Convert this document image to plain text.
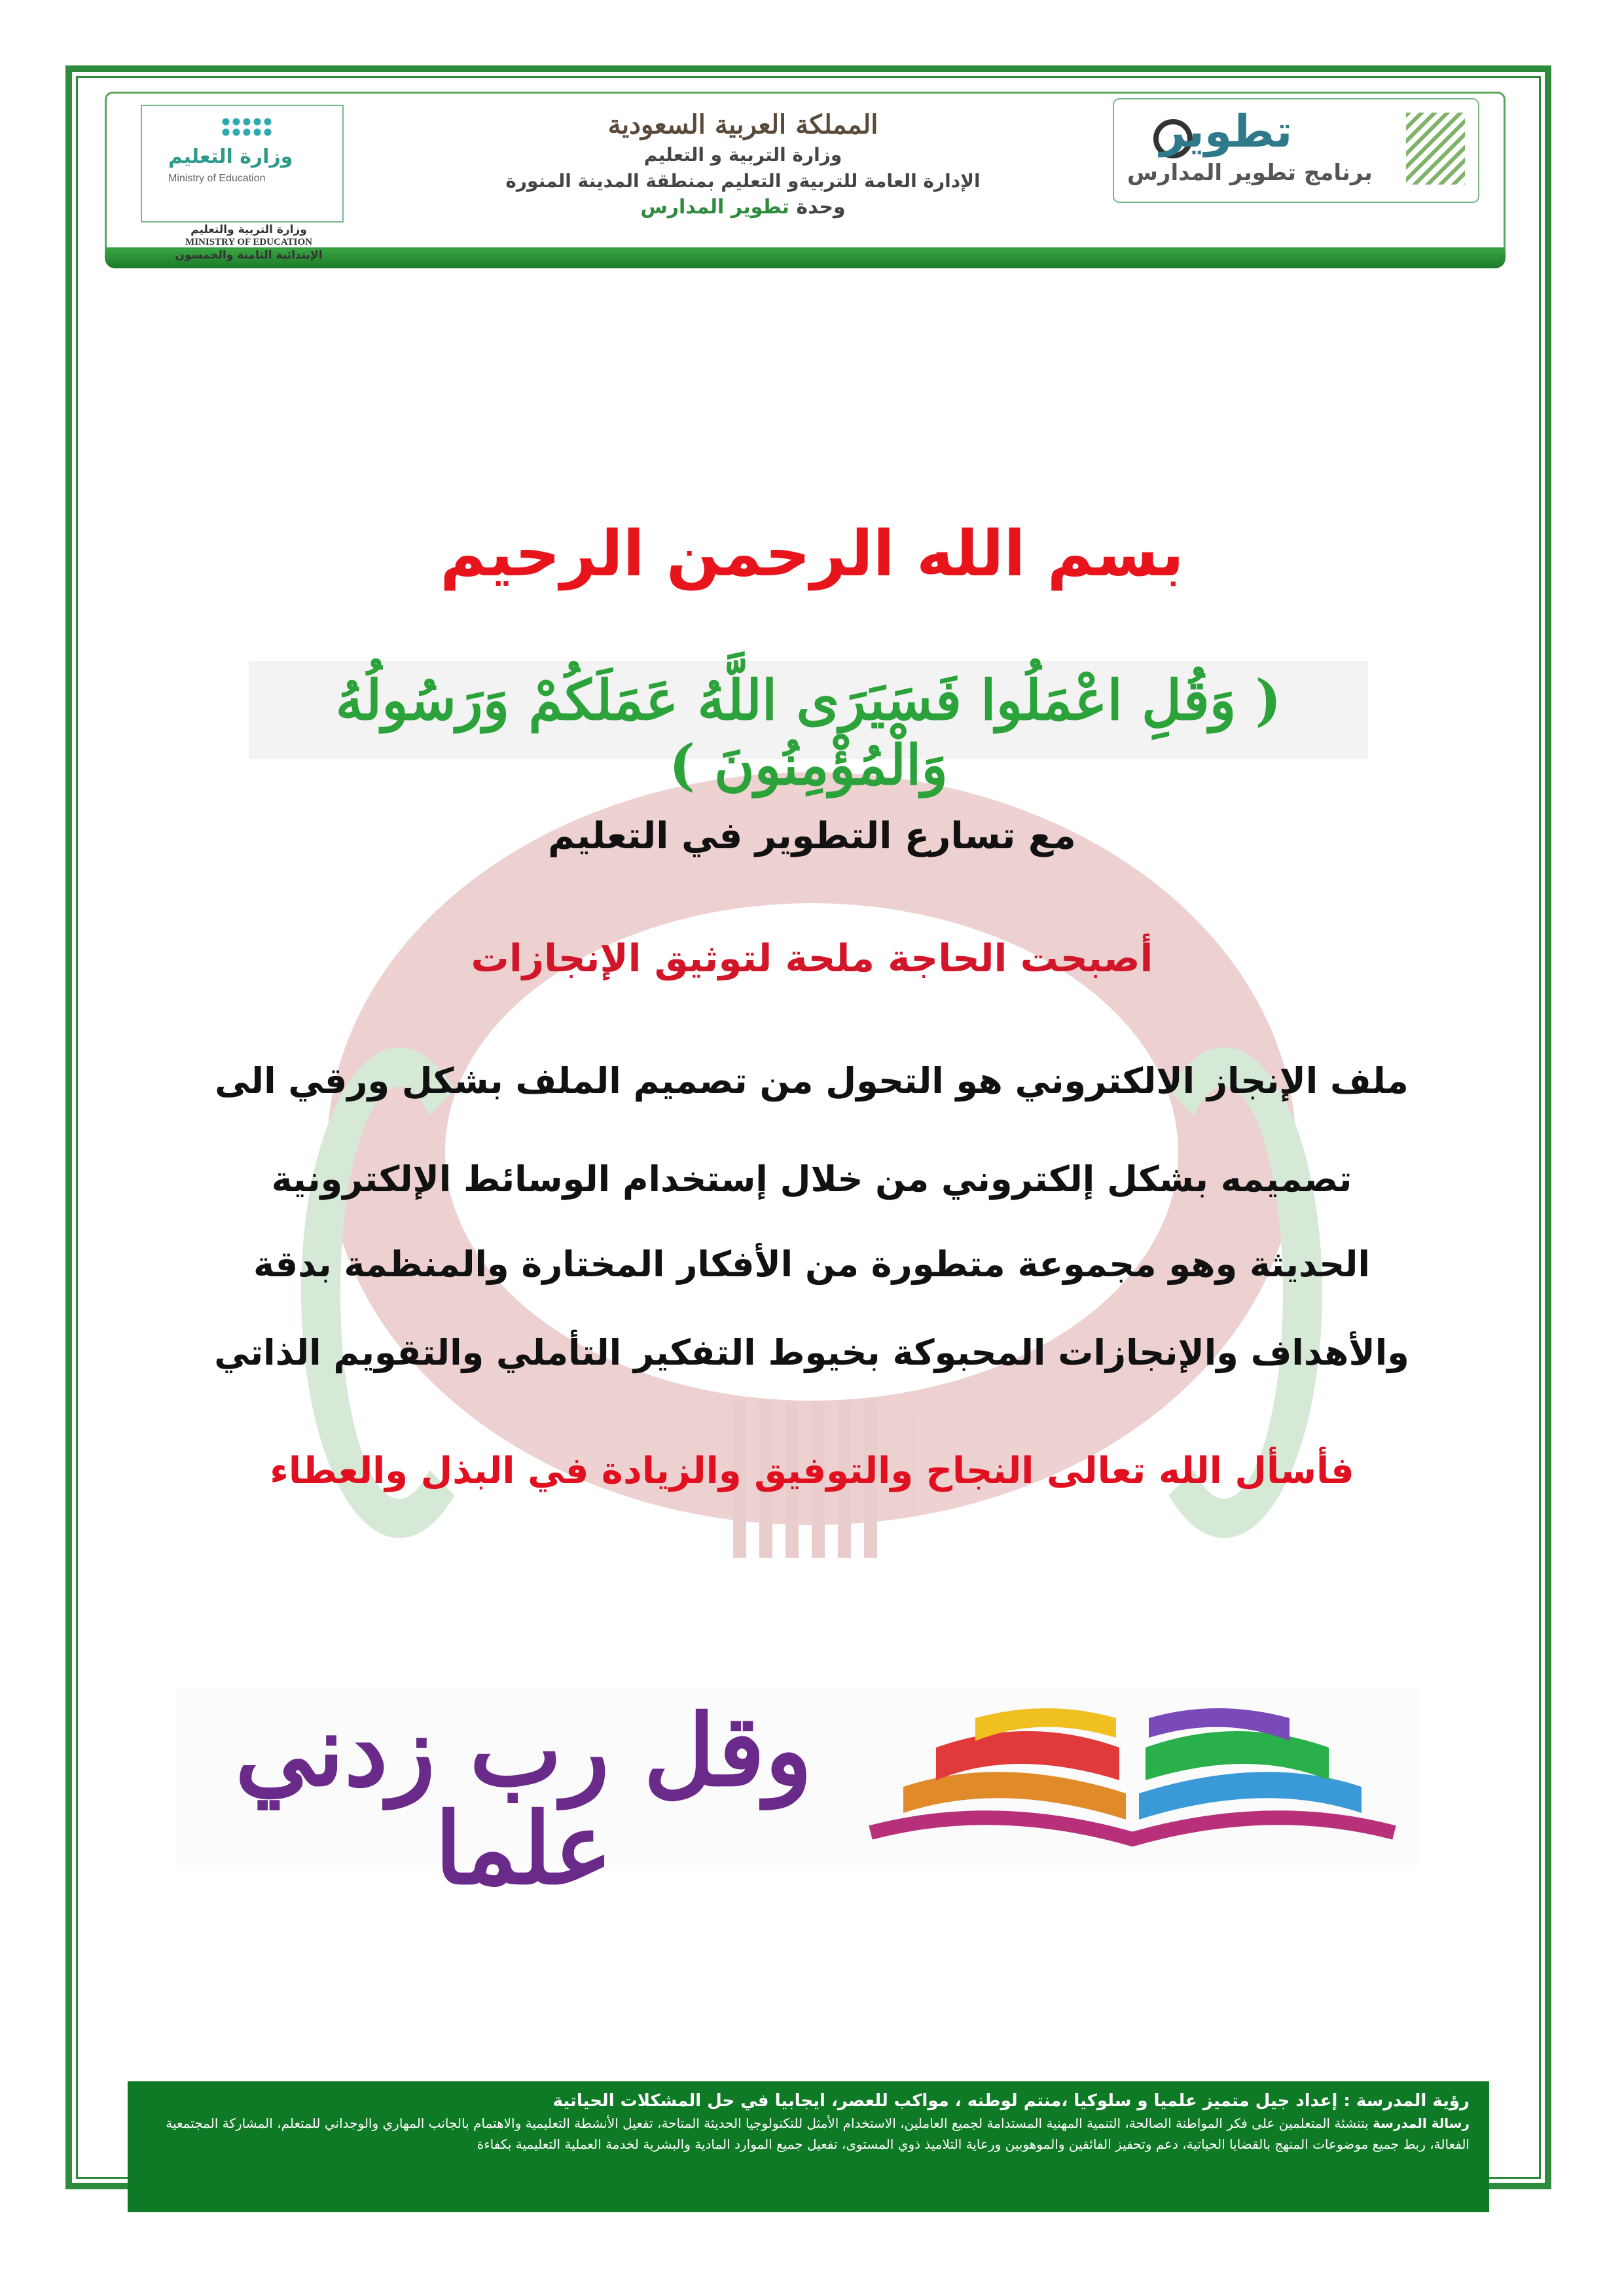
وزارة التعليم
Ministry of Education
وزارة التربية والتعليم
MINISTRY OF EDUCATION
الإبتدائية الثامنة والخمسون
المملكة العربية السعودية
وزارة التربية و التعليم
الإدارة العامة للتربيةو التعليم بمنطقة المدينة المنورة
وحدة تطوير المدارس
تطوير
برنامج تطوير المدارس
بسم الله الرحمن الرحيم
( وَقُلِ اعْمَلُوا فَسَيَرَى اللَّهُ عَمَلَكُمْ وَرَسُولُهُ وَالْمُؤْمِنُونَ )
مع تسارع التطوير في التعليم
أصبحت الحاجة ملحة لتوثيق الإنجازات
ملف الإنجاز الالكتروني هو التحول من تصميم الملف بشكل ورقي الى
تصميمه بشكل إلكتروني من خلال إستخدام الوسائط الإلكترونية
الحديثة وهو مجموعة متطورة من الأفكار المختارة والمنظمة بدقة
والأهداف والإنجازات المحبوكة بخيوط التفكير التأملي والتقويم الذاتي
فأسأل الله تعالى النجاح والتوفيق والزيادة في البذل والعطاء
وقل رب زدني علما
رؤية المدرسة : إعداد جيل متميز علميا و سلوكيا ،منتم لوطنه ، مواكب للعصر، ايجابيا في حل المشكلات الحياتية
رسالة المدرسة بتنشئة المتعلمين على فكر المواطنة الصالحة، التنمية المهنية المستدامة لجميع العاملين، الاستخدام الأمثل للتكنولوجيا الحديثة المتاحة، تفعيل الأنشطة التعليمية والاهتمام بالجانب المهاري والوجداني للمتعلم، المشاركة المجتمعية الفعالة، ربط جميع موضوعات المنهج بالقضايا الحياتية، دعم وتحفيز الفائقين والموهوبين ورعاية التلاميذ ذوي المستوى، تفعيل جميع الموارد المادية والبشرية لخدمة العملية التعليمية بكفاءة
